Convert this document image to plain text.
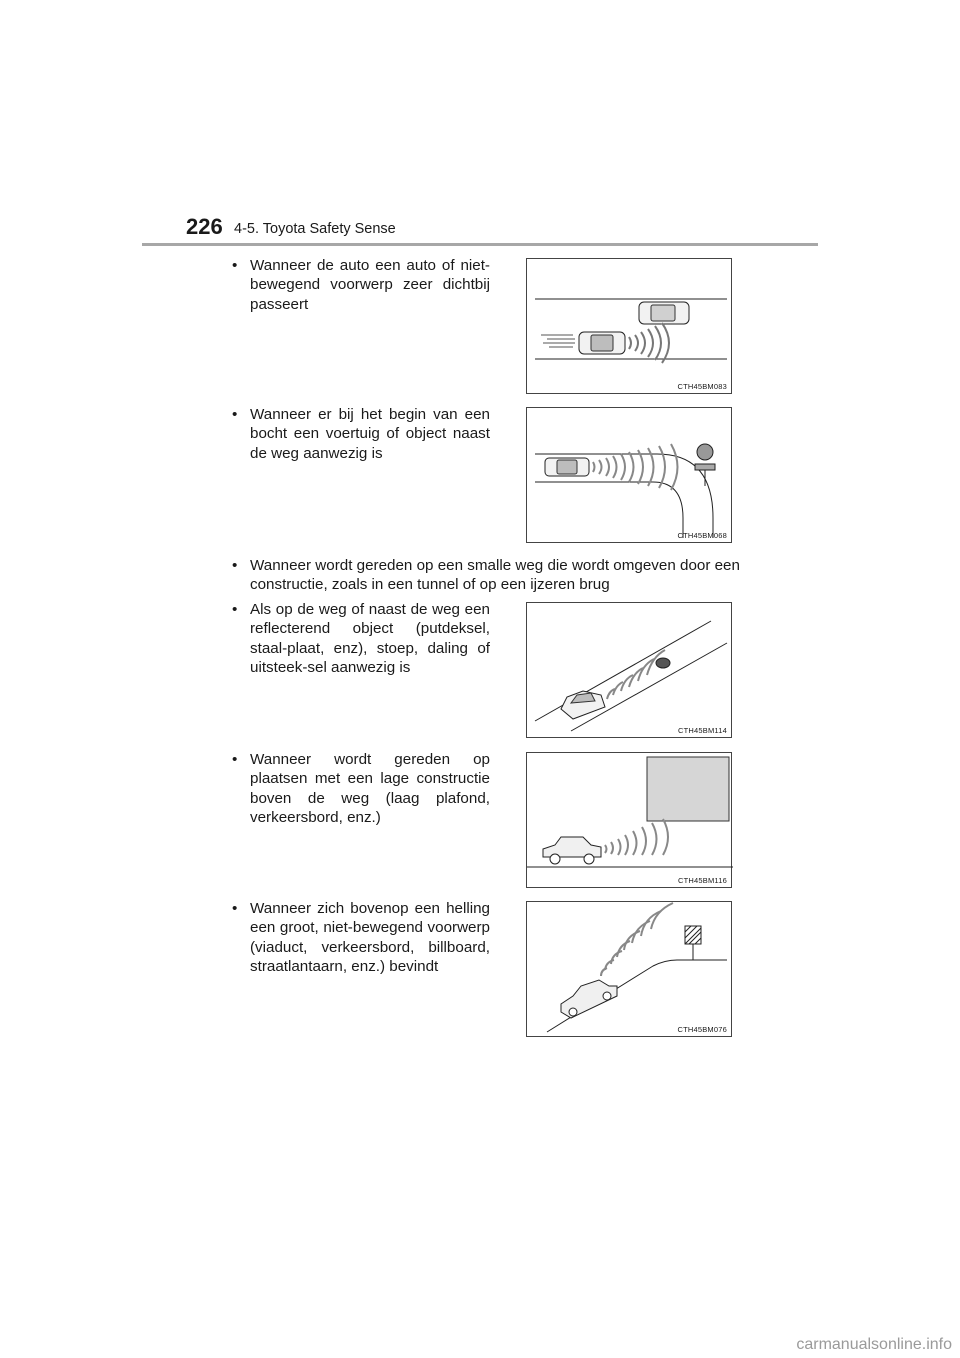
226 4-5. Toyota Safety Sense
• Wanneer de auto een auto of niet-bewegend voorwerp zeer dichtbij passeert
CTH45BM083
• Wanneer er bij het begin van een bocht een voertuig of object naast de weg aanwezig is
CTH45BM068
• Wanneer wordt gereden op een smalle weg die wordt omgeven door een constructie, zoals in een tunnel of op een ijzeren brug
• Als op de weg of naast de weg een reflecterend object (putdeksel, staal-plaat, enz), stoep, daling of uitsteek-sel aanwezig is
CTH45BM114
• Wanneer wordt gereden op plaatsen met een lage constructie boven de weg (laag plafond, verkeersbord, enz.)
CTH45BM116
• Wanneer zich bovenop een helling een groot, niet-bewegend voorwerp (viaduct, verkeersbord, billboard, straatlantaarn, enz.) bevindt
CTH45BM076
carmanualsonline.info
